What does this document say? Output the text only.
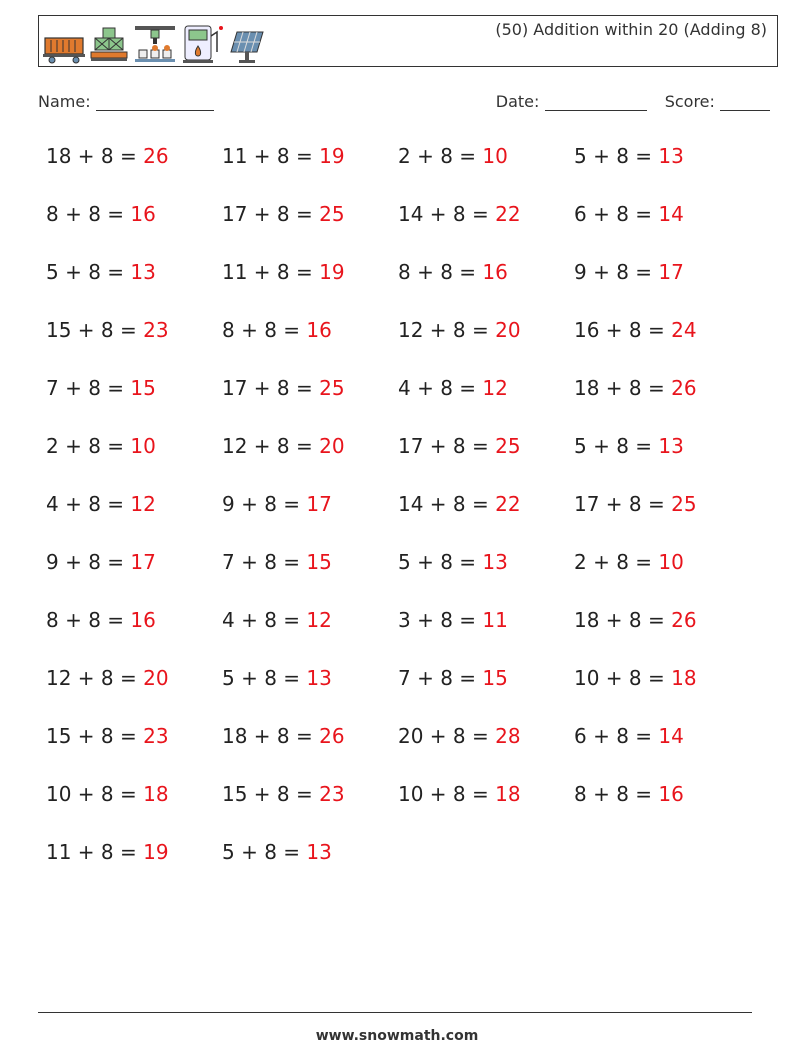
(50) Addition within 20 (Adding 8)
Name:	Date:	Score:
18 + 8 = 26	11 + 8 = 19	2 + 8 = 10	5 + 8 = 13
8 + 8 = 16	17 + 8 = 25	14 + 8 = 22	6 + 8 = 14
5 + 8 = 13	11 + 8 = 19	8 + 8 = 16	9 + 8 = 17
15 + 8 = 23	8 + 8 = 16	12 + 8 = 20	16 + 8 = 24
7 + 8 = 15	17 + 8 = 25	4 + 8 = 12	18 + 8 = 26
2 + 8 = 10	12 + 8 = 20	17 + 8 = 25	5 + 8 = 13
4 + 8 = 12	9 + 8 = 17	14 + 8 = 22	17 + 8 = 25
9 + 8 = 17	7 + 8 = 15	5 + 8 = 13	2 + 8 = 10
8 + 8 = 16	4 + 8 = 12	3 + 8 = 11	18 + 8 = 26
12 + 8 = 20	5 + 8 = 13	7 + 8 = 15	10 + 8 = 18
15 + 8 = 23	18 + 8 = 26	20 + 8 = 28	6 + 8 = 14
10 + 8 = 18	15 + 8 = 23	10 + 8 = 18	8 + 8 = 16
11 + 8 = 19	5 + 8 = 13
www.snowmath.com
